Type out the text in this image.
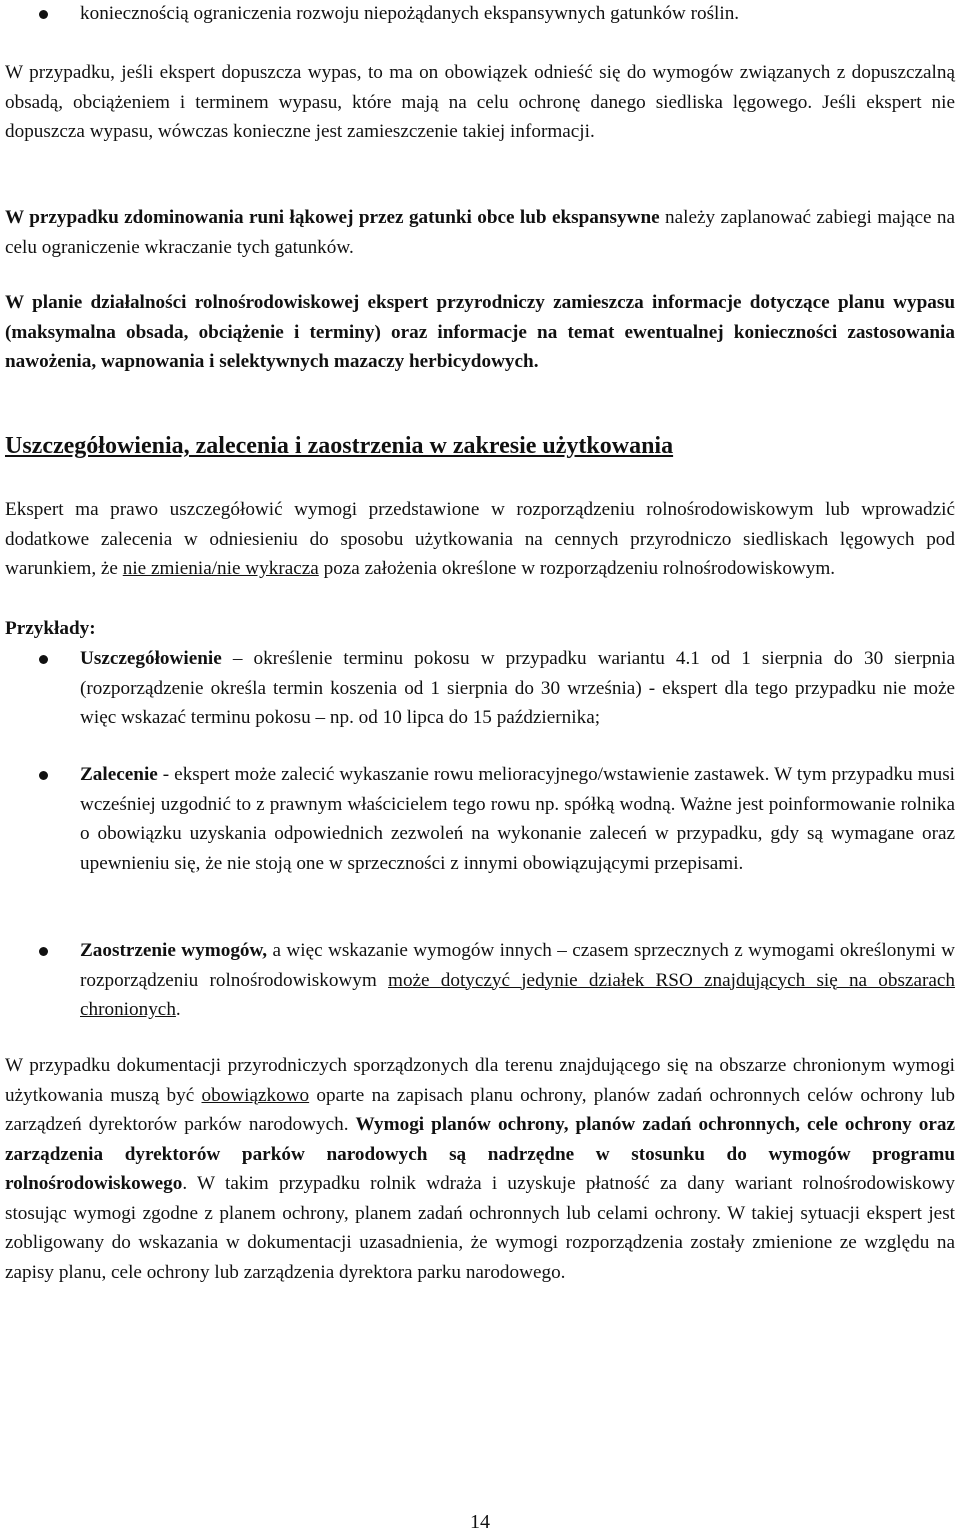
koniecznością ograniczenia rozwoju niepożądanych ekspansywnych gatunków roślin.

W przypadku, jeśli ekspert dopuszcza wypas, to ma on obowiązek odnieść się do wymogów związanych z dopuszczalną obsadą, obciążeniem i terminem wypasu, które mają na celu ochronę danego siedliska lęgowego. Jeśli ekspert nie dopuszcza wypasu, wówczas konieczne jest zamieszczenie takiej informacji.

W przypadku zdominowania runi łąkowej przez gatunki obce lub ekspansywne należy zaplanować zabiegi mające na celu ograniczenie wkraczanie tych gatunków.

W planie działalności rolnośrodowiskowej ekspert przyrodniczy zamieszcza informacje dotyczące planu wypasu (maksymalna obsada, obciążenie i terminy) oraz informacje na temat ewentualnej konieczności zastosowania nawożenia, wapnowania i selektywnych mazaczy herbicydowych.

Uszczegółowienia, zalecenia i zaostrzenia w zakresie użytkowania

Ekspert ma prawo uszczegółowić wymogi przedstawione w rozporządzeniu rolnośrodowiskowym lub wprowadzić dodatkowe zalecenia w odniesieniu do sposobu użytkowania na cennych przyrodniczo siedliskach lęgowych pod warunkiem, że nie zmienia/nie wykracza poza założenia określone w rozporządzeniu rolnośrodowiskowym.

Przykłady:

Uszczegółowienie – określenie terminu pokosu w przypadku wariantu 4.1 od 1 sierpnia do 30 sierpnia (rozporządzenie określa termin koszenia od 1 sierpnia do 30 września) - ekspert dla tego przypadku nie może więc wskazać terminu pokosu – np. od 10 lipca do 15 października;

Zalecenie - ekspert może zalecić wykaszanie rowu melioracyjnego/wstawienie zastawek. W tym przypadku musi wcześniej uzgodnić to z prawnym właścicielem tego rowu np. spółką wodną. Ważne jest poinformowanie rolnika o obowiązku uzyskania odpowiednich zezwoleń na wykonanie zaleceń w przypadku, gdy są wymagane oraz upewnieniu się, że nie stoją one w sprzeczności z innymi obowiązującymi przepisami.

Zaostrzenie wymogów, a więc wskazanie wymogów innych – czasem sprzecznych z wymogami określonymi w rozporządzeniu rolnośrodowiskowym może dotyczyć jedynie działek RSO znajdujących się na obszarach chronionych.

W przypadku dokumentacji przyrodniczych sporządzonych dla terenu znajdującego się na obszarze chronionym wymogi użytkowania muszą być obowiązkowo oparte na zapisach planu ochrony, planów zadań ochronnych celów ochrony lub zarządzeń dyrektorów parków narodowych. Wymogi planów ochrony, planów zadań ochronnych, cele ochrony oraz zarządzenia dyrektorów parków narodowych są nadrzędne w stosunku do wymogów programu rolnośrodowiskowego. W takim przypadku rolnik wdraża i uzyskuje płatność za dany wariant rolnośrodowiskowy stosując wymogi zgodne z planem ochrony, planem zadań ochronnych lub celami ochrony. W takiej sytuacji ekspert jest zobligowany do wskazania w dokumentacji uzasadnienia, że wymogi rozporządzenia zostały zmienione ze względu na zapisy planu, cele ochrony lub zarządzenia dyrektora parku narodowego.

14
